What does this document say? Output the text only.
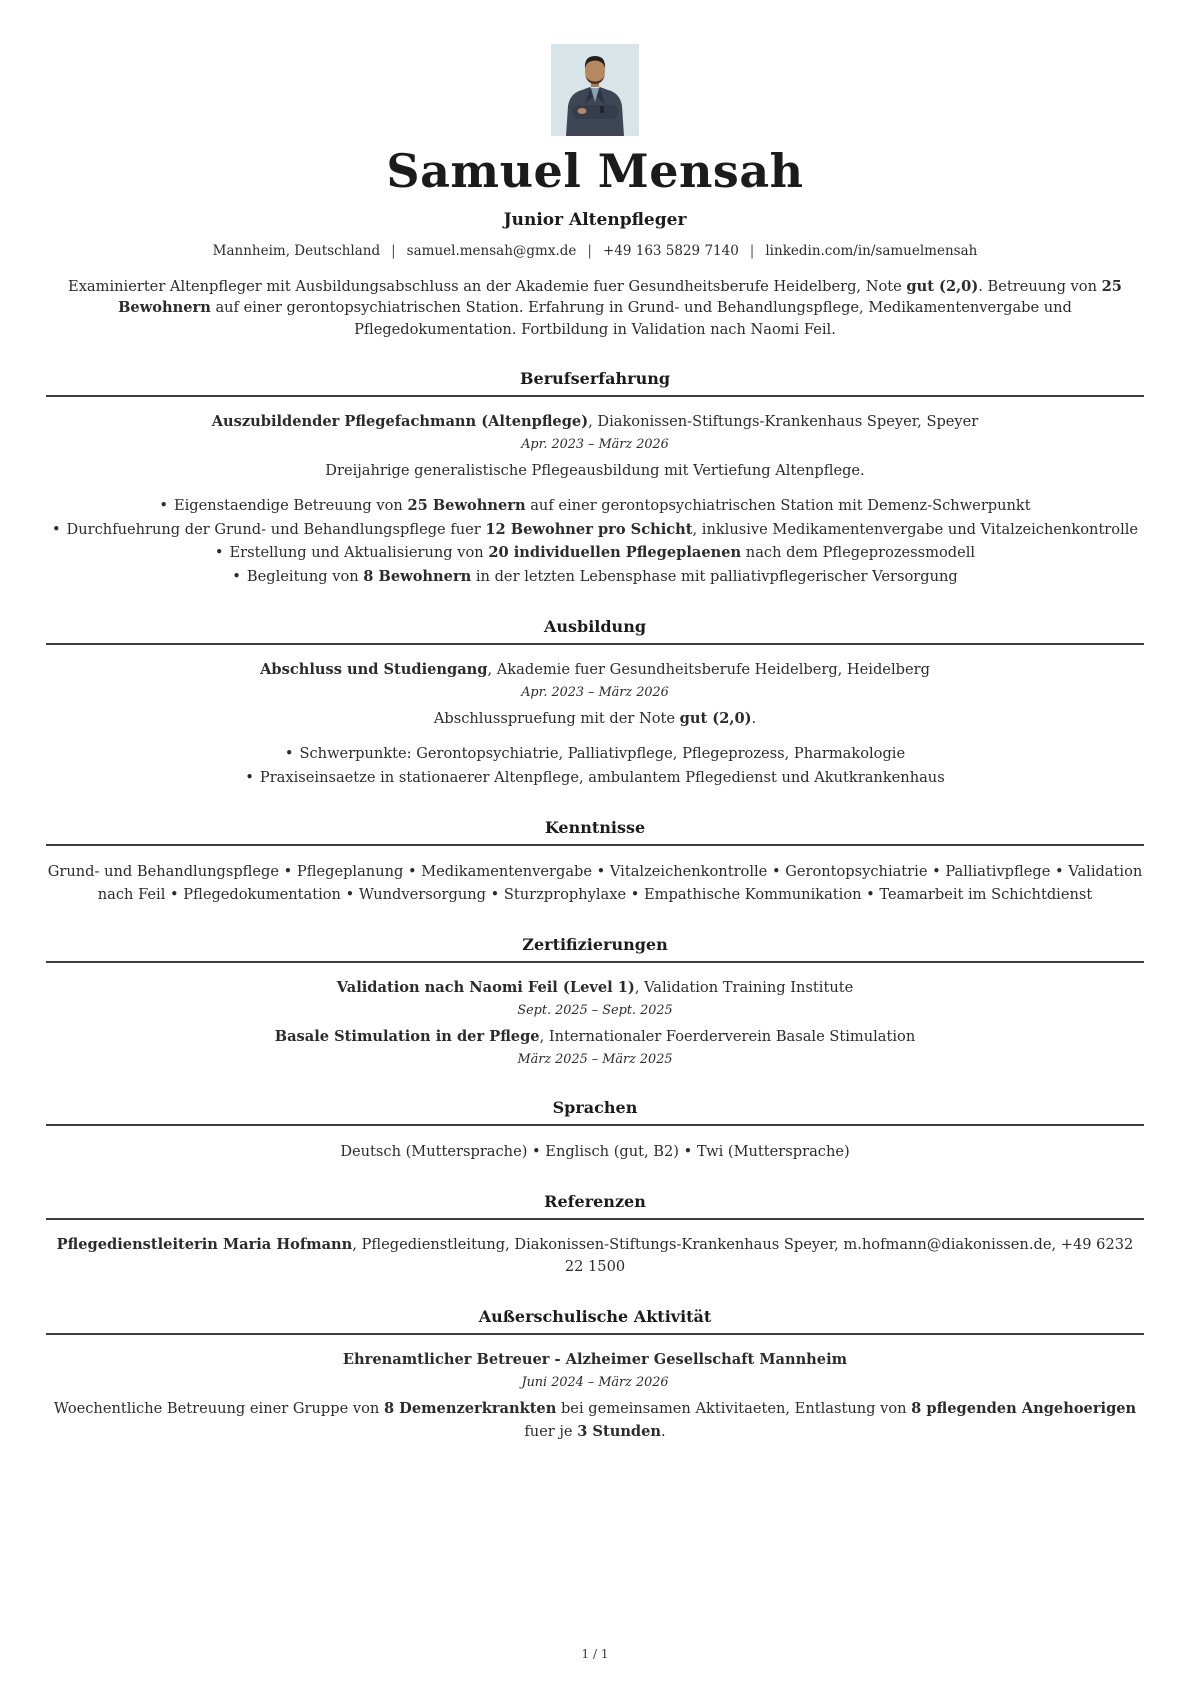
Samuel Mensah
Junior Altenpfleger
Mannheim, Deutschland | samuel.mensah@gmx.de | +49 163 5829 7140 | linkedin.com/in/samuelmensah

Examinierter Altenpfleger mit Ausbildungsabschluss an der Akademie fuer Gesundheitsberufe Heidelberg, Note gut (2,0). Betreuung von 25 Bewohnern auf einer gerontopsychiatrischen Station. Erfahrung in Grund- und Behandlungspflege, Medikamentenvergabe und Pflegedokumentation. Fortbildung in Validation nach Naomi Feil.

Berufserfahrung
Auszubildender Pflegefachmann (Altenpflege), Diakonissen-Stiftungs-Krankenhaus Speyer, Speyer
Apr. 2023 – März 2026
Dreijahrige generalistische Pflegeausbildung mit Vertiefung Altenpflege.
• Eigenstaendige Betreuung von 25 Bewohnern auf einer gerontopsychiatrischen Station mit Demenz-Schwerpunkt
• Durchfuehrung der Grund- und Behandlungspflege fuer 12 Bewohner pro Schicht, inklusive Medikamentenvergabe und Vitalzeichenkontrolle
• Erstellung und Aktualisierung von 20 individuellen Pflegeplaenen nach dem Pflegeprozessmodell
• Begleitung von 8 Bewohnern in der letzten Lebensphase mit palliativpflegerischer Versorgung
Ausbildung
Abschluss und Studiengang, Akademie fuer Gesundheitsberufe Heidelberg, Heidelberg
Apr. 2023 – März 2026
Abschlusspruefung mit der Note gut (2,0).
• Schwerpunkte: Gerontopsychiatrie, Palliativpflege, Pflegeprozess, Pharmakologie
• Praxiseinsaetze in stationaerer Altenpflege, ambulantem Pflegedienst und Akutkrankenhaus
Kenntnisse
Grund- und Behandlungspflege • Pflegeplanung • Medikamentenvergabe • Vitalzeichenkontrolle • Gerontopsychiatrie • Palliativpflege • Validation nach Feil • Pflegedokumentation • Wundversorgung • Sturzprophylaxe • Empathische Kommunikation • Teamarbeit im Schichtdienst
Zertifizierungen
Validation nach Naomi Feil (Level 1), Validation Training Institute
Sept. 2025 – Sept. 2025
Basale Stimulation in der Pflege, Internationaler Foerderverein Basale Stimulation
März 2025 – März 2025
Sprachen
Deutsch (Muttersprache) • Englisch (gut, B2) • Twi (Muttersprache)
Referenzen
Pflegedienstleiterin Maria Hofmann, Pflegedienstleitung, Diakonissen-Stiftungs-Krankenhaus Speyer, m.hofmann@diakonissen.de, +49 6232 22 1500
Außerschulische Aktivität
Ehrenamtlicher Betreuer - Alzheimer Gesellschaft Mannheim
Juni 2024 – März 2026
Woechentliche Betreuung einer Gruppe von 8 Demenzerkrankten bei gemeinsamen Aktivitaeten, Entlastung von 8 pflegenden Angehoerigen fuer je 3 Stunden.
1 / 1
